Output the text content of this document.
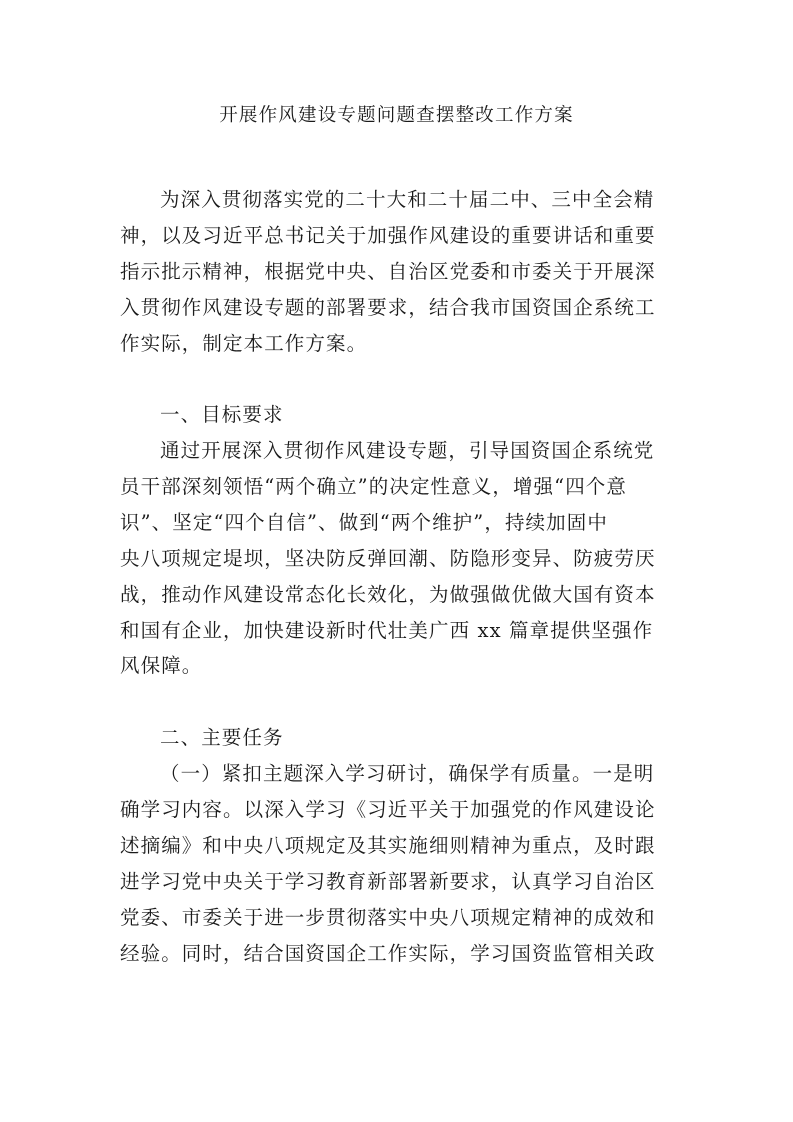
开展作风建设专题问题查摆整改工作方案
为深入贯彻落实党的二十大和二十届二中、三中全会精
神，以及习近平总书记关于加强作风建设的重要讲话和重要
指示批示精神，根据党中央、自治区党委和市委关于开展深
入贯彻作风建设专题的部署要求，结合我市国资国企系统工
作实际，制定本工作方案。
一、目标要求
通过开展深入贯彻作风建设专题，引导国资国企系统党
员干部深刻领悟“两个确立”的决定性意义，增强“四个意
识”、坚定“四个自信”、做到“两个维护”，持续加固中
央八项规定堤坝，坚决防反弹回潮、防隐形变异、防疲劳厌
战，推动作风建设常态化长效化，为做强做优做大国有资本
和国有企业，加快建设新时代壮美广西 xx 篇章提供坚强作
风保障。
二、主要任务
（一）紧扣主题深入学习研讨，确保学有质量。一是明
确学习内容。以深入学习《习近平关于加强党的作风建设论
述摘编》和中央八项规定及其实施细则精神为重点，及时跟
进学习党中央关于学习教育新部署新要求，认真学习自治区
党委、市委关于进一步贯彻落实中央八项规定精神的成效和
经验。同时，结合国资国企工作实际，学习国资监管相关政
